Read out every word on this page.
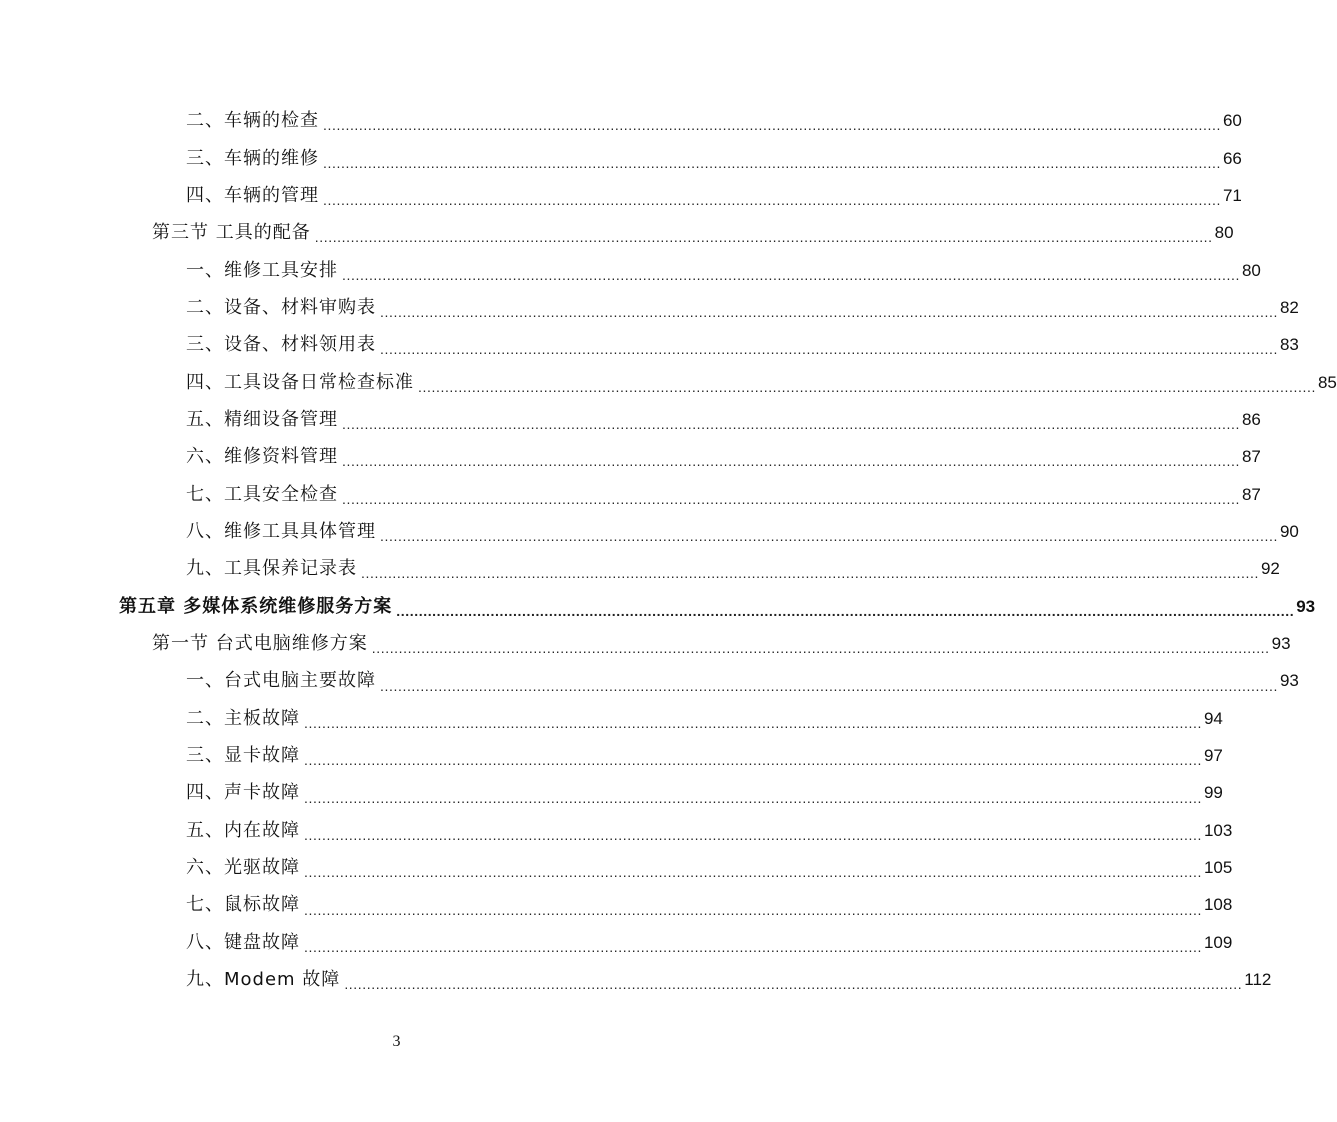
二、车辆的检查 ........................................................................................................................................................................................................ 60
三、车辆的维修 ........................................................................................................................................................................................................ 66
四、车辆的管理 ........................................................................................................................................................................................................ 71
第三节 工具的配备 ........................................................................................................................................................................................................ 80
一、维修工具安排 ........................................................................................................................................................................................................ 80
二、设备、材料审购表 ........................................................................................................................................................................................................ 82
三、设备、材料领用表 ........................................................................................................................................................................................................ 83
四、工具设备日常检查标准 ........................................................................................................................................................................................................ 85
五、精细设备管理 ........................................................................................................................................................................................................ 86
六、维修资料管理 ........................................................................................................................................................................................................ 87
七、工具安全检查 ........................................................................................................................................................................................................ 87
八、维修工具具体管理 ........................................................................................................................................................................................................ 90
九、工具保养记录表 ........................................................................................................................................................................................................ 92
第五章 多媒体系统维修服务方案 ........................................................................................................................................................................................................ 93
第一节 台式电脑维修方案 ........................................................................................................................................................................................................ 93
一、台式电脑主要故障 ........................................................................................................................................................................................................ 93
二、主板故障 ........................................................................................................................................................................................................ 94
三、显卡故障 ........................................................................................................................................................................................................ 97
四、声卡故障 ........................................................................................................................................................................................................ 99
五、内在故障 ........................................................................................................................................................................................................ 103
六、光驱故障 ........................................................................................................................................................................................................ 105
七、鼠标故障 ........................................................................................................................................................................................................ 108
八、键盘故障 ........................................................................................................................................................................................................ 109
九、Modem 故障 ........................................................................................................................................................................................................ 112
3
